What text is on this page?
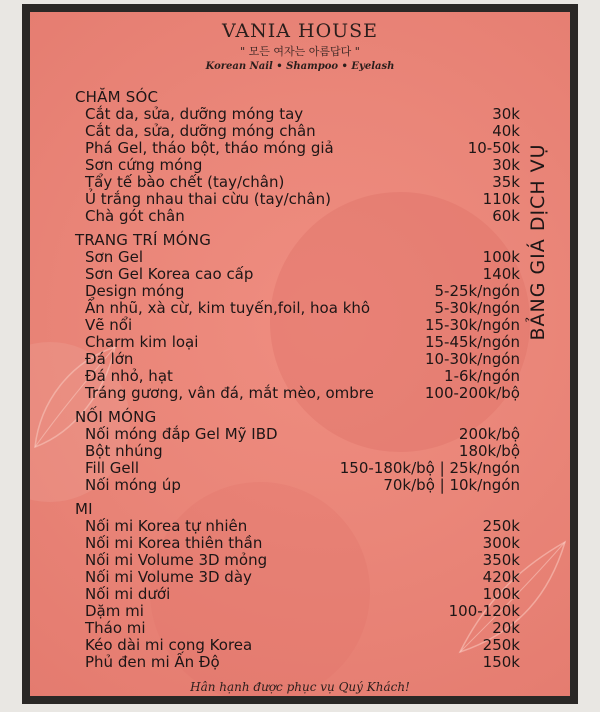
VANIA HOUSE
" 모든 여자는 아름답다 "
Korean Nail • Shampoo • Eyelash
CHĂM SÓC
Cắt da, sửa, dưỡng móng tay	30k
Cắt da, sửa, dưỡng móng chân	40k
Phá Gel, tháo bột, tháo móng giả	10-50k
Sơn cứng móng	30k
Tẩy tế bào chết (tay/chân)	35k
Ủ trắng nhau thai cừu (tay/chân)	110k
Chà gót chân	60k
TRANG TRÍ MÓNG
Sơn Gel	100k
Sơn Gel Korea cao cấp	140k
Design móng	5-25k/ngón
Ẩn nhũ, xà cừ, kim tuyến,foil, hoa khô	5-30k/ngón
Vẽ nổi	15-30k/ngón
Charm kim loại	15-45k/ngón
Đá lớn	10-30k/ngón
Đá nhỏ, hạt	1-6k/ngón
Tráng gương, vân đá, mắt mèo, ombre	100-200k/bộ
NỐI MÓNG
Nối móng đắp Gel Mỹ IBD	200k/bộ
Bột nhúng	180k/bộ
Fill Gell	150-180k/bộ | 25k/ngón
Nối móng úp	70k/bộ | 10k/ngón
MI
Nối mi Korea tự nhiên	250k
Nối mi Korea thiên thần	300k
Nối mi Volume 3D mỏng	350k
Nối mi Volume 3D dày	420k
Nối mi dưới	100k
Dặm mi	100-120k
Tháo mi	20k
Kéo dài mi cong Korea	250k
Phủ đen mi Ấn Độ	150k
BẢNG GIÁ DỊCH VỤ
Hân hạnh được phục vụ Quý Khách!
